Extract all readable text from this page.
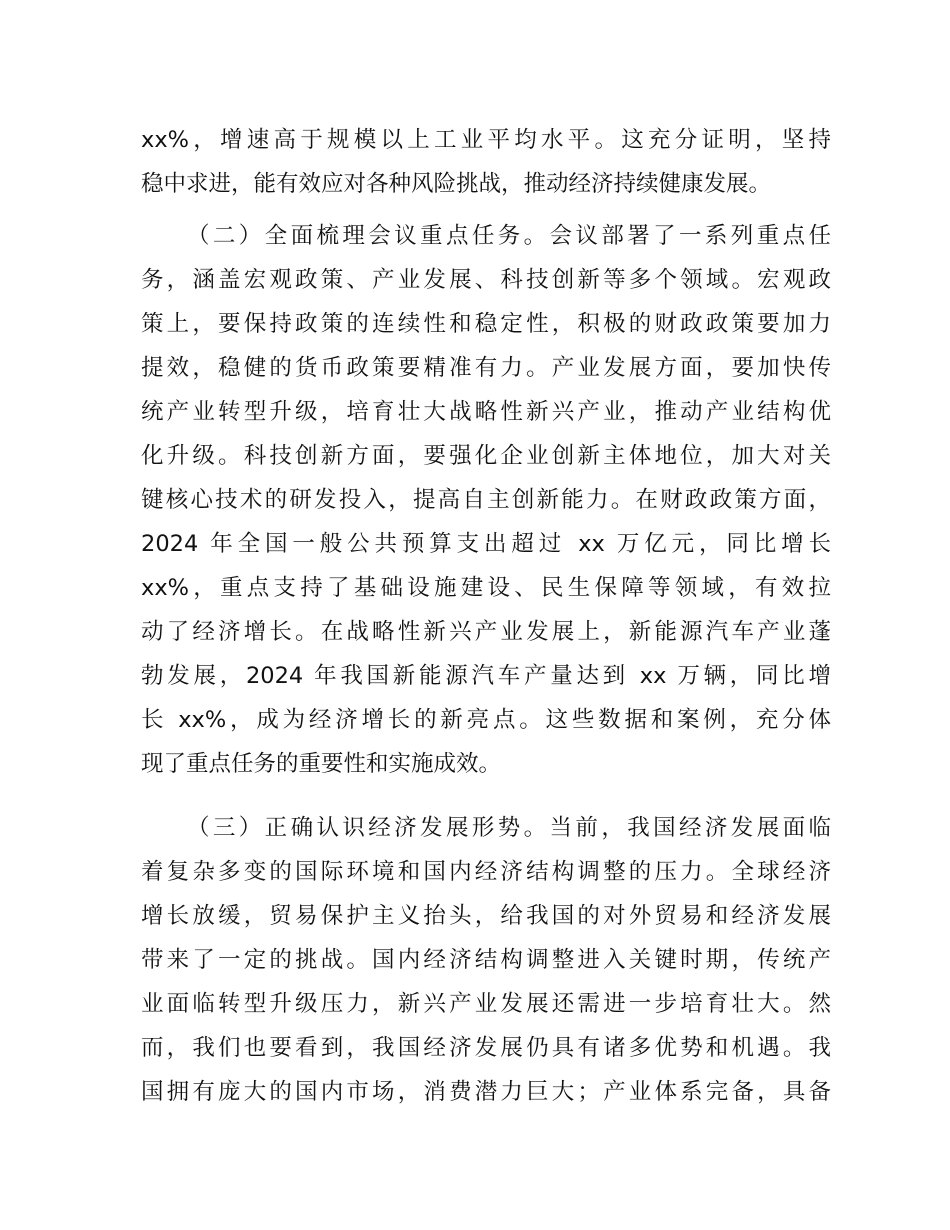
xx%，增速高于规模以上工业平均水平。这充分证明，坚持

稳中求进，能有效应对各种风险挑战，推动经济持续健康发展。

（二）全面梳理会议重点任务。会议部署了一系列重点任

务，涵盖宏观政策、产业发展、科技创新等多个领域。宏观政

策上，要保持政策的连续性和稳定性，积极的财政政策要加力

提效，稳健的货币政策要精准有力。产业发展方面，要加快传

统产业转型升级，培育壮大战略性新兴产业，推动产业结构优

化升级。科技创新方面，要强化企业创新主体地位，加大对关

键核心技术的研发投入，提高自主创新能力。在财政政策方面，

2024 年全国一般公共预算支出超过 xx 万亿元，同比增长

xx%，重点支持了基础设施建设、民生保障等领域，有效拉

动了经济增长。在战略性新兴产业发展上，新能源汽车产业蓬

勃发展，2024 年我国新能源汽车产量达到 xx 万辆，同比增

长 xx%，成为经济增长的新亮点。这些数据和案例，充分体

现了重点任务的重要性和实施成效。

（三）正确认识经济发展形势。当前，我国经济发展面临

着复杂多变的国际环境和国内经济结构调整的压力。全球经济

增长放缓，贸易保护主义抬头，给我国的对外贸易和经济发展

带来了一定的挑战。国内经济结构调整进入关键时期，传统产

业面临转型升级压力，新兴产业发展还需进一步培育壮大。然

而，我们也要看到，我国经济发展仍具有诸多优势和机遇。我

国拥有庞大的国内市场，消费潜力巨大；产业体系完备，具备
